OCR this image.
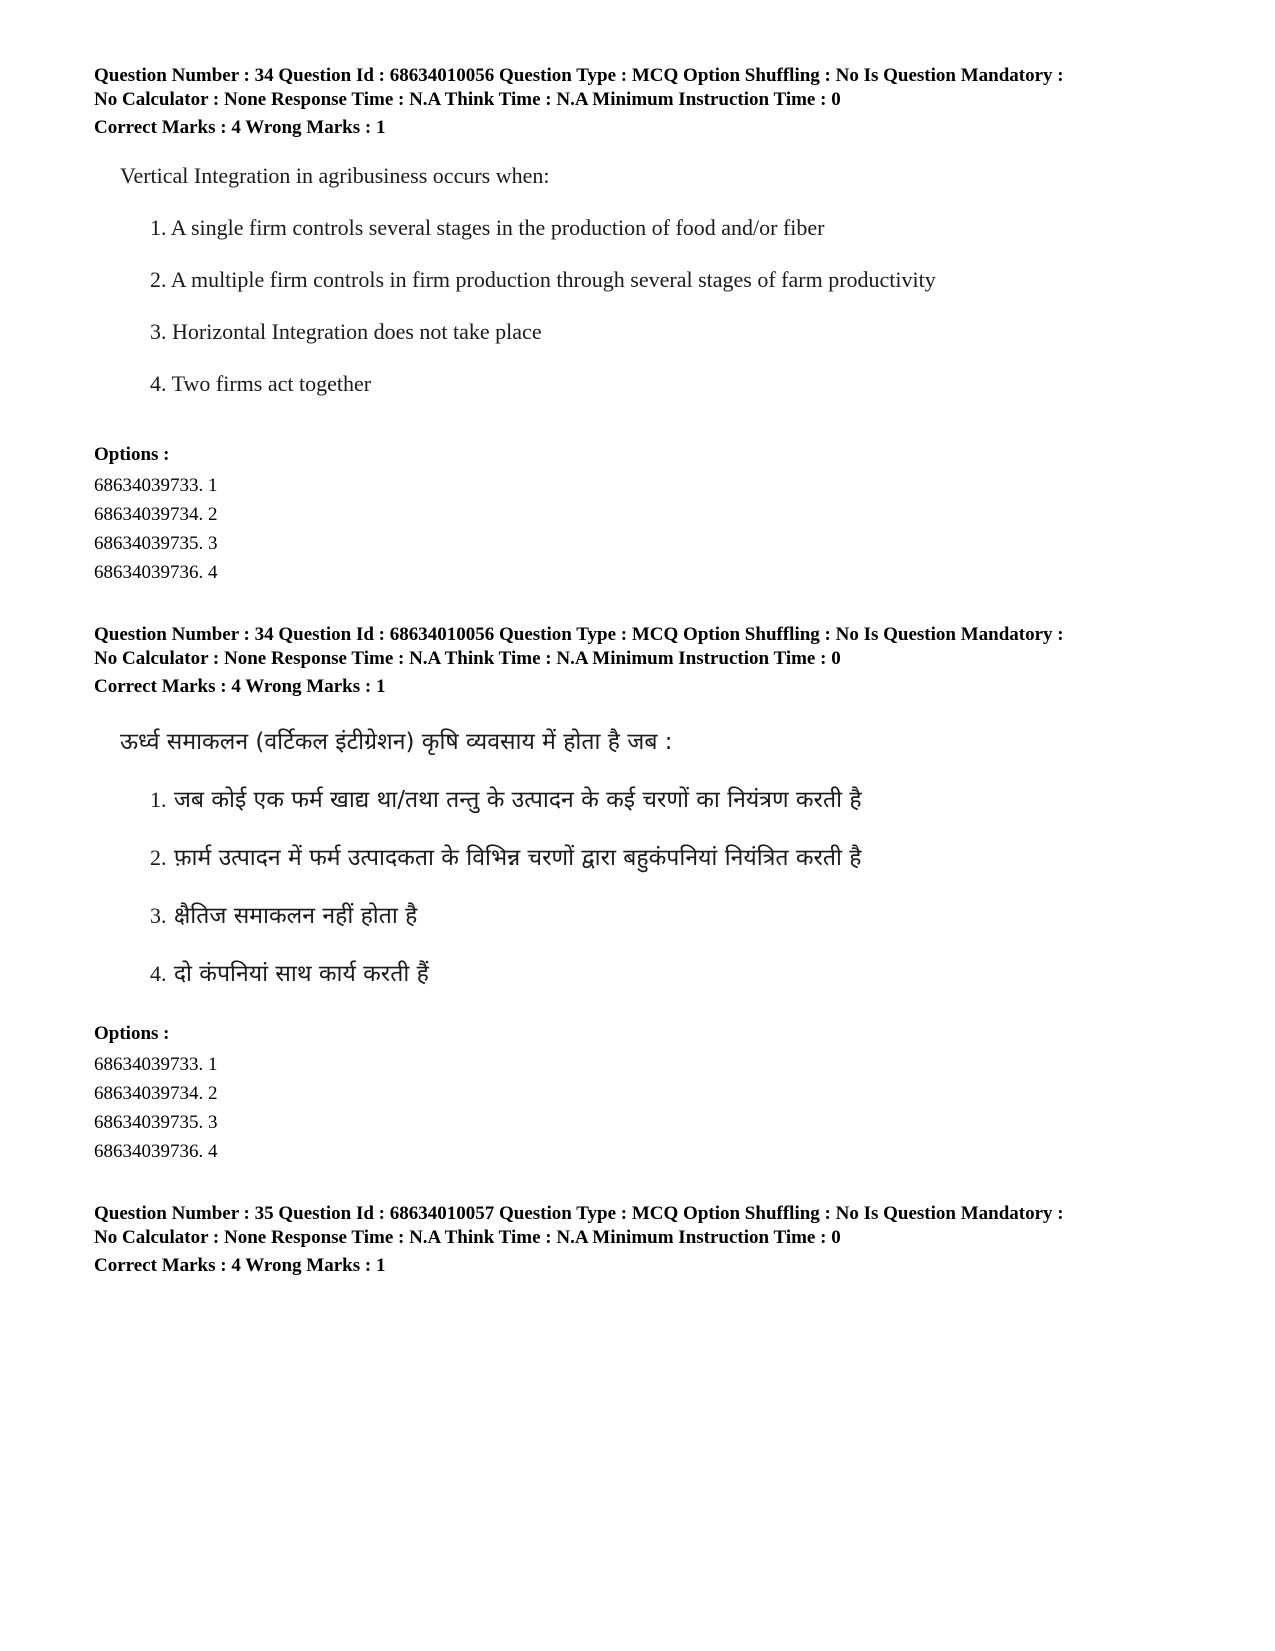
Question Number : 34 Question Id : 68634010056 Question Type : MCQ Option Shuffling : No Is Question Mandatory :
No Calculator : None Response Time : N.A Think Time : N.A Minimum Instruction Time : 0
Correct Marks : 4 Wrong Marks : 1
Vertical Integration in agribusiness occurs when:
1. A single firm controls several stages in the production of food and/or fiber
2. A multiple firm controls in firm production through several stages of farm productivity
3. Horizontal Integration does not take place
4. Two firms act together
Options :
68634039733. 1
68634039734. 2
68634039735. 3
68634039736. 4
Question Number : 34 Question Id : 68634010056 Question Type : MCQ Option Shuffling : No Is Question Mandatory :
No Calculator : None Response Time : N.A Think Time : N.A Minimum Instruction Time : 0
Correct Marks : 4 Wrong Marks : 1
ऊर्ध्व समाकलन (वर्टिकल इंटीग्रेशन) कृषि व्यवसाय में होता है जब :
1. जब कोई एक फर्म खाद्य था/तथा तन्तु के उत्पादन के कई चरणों का नियंत्रण करती है
2. फ़ार्म उत्पादन में फर्म उत्पादकता के विभिन्न चरणों द्वारा बहुकंपनियां नियंत्रित करती है
3. क्षैतिज समाकलन नहीं होता है
4. दो कंपनियां साथ कार्य करती हैं
Options :
68634039733. 1
68634039734. 2
68634039735. 3
68634039736. 4
Question Number : 35 Question Id : 68634010057 Question Type : MCQ Option Shuffling : No Is Question Mandatory :
No Calculator : None Response Time : N.A Think Time : N.A Minimum Instruction Time : 0
Correct Marks : 4 Wrong Marks : 1
